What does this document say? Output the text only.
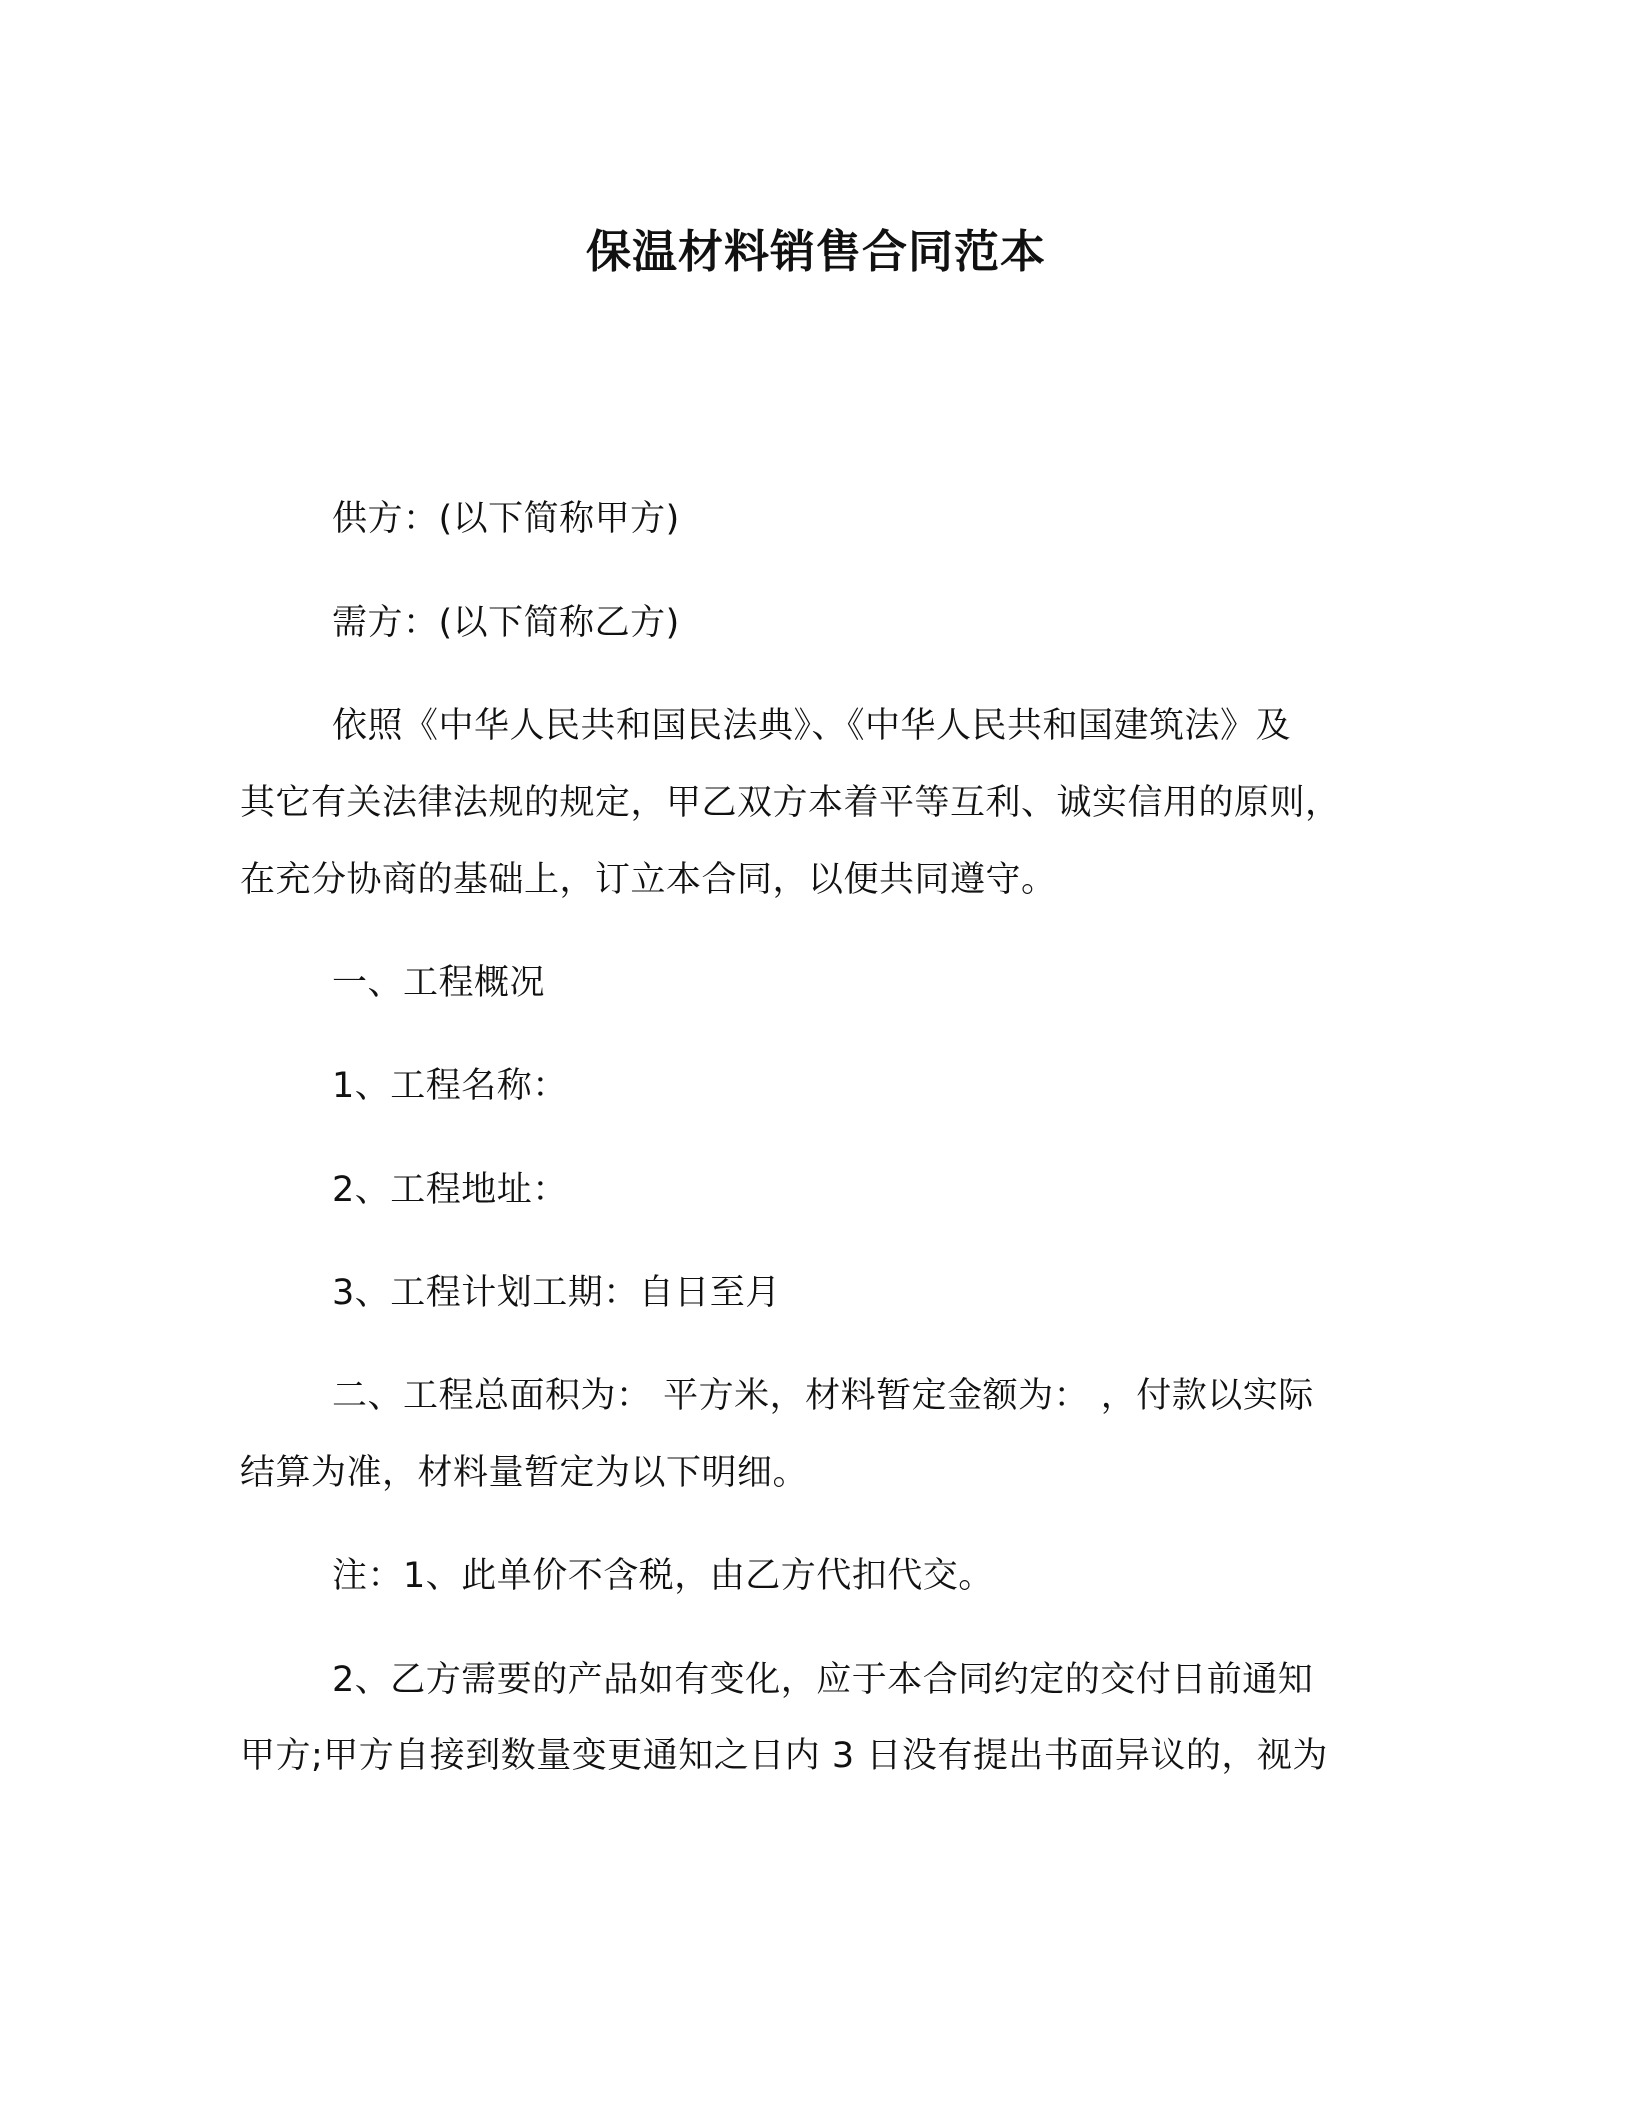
保温材料销售合同范本
供方：(以下简称甲方)
需方：(以下简称乙方)
依照《中华人民共和国民法典》、《中华人民共和国建筑法》及
其它有关法律法规的规定，甲乙双方本着平等互利、诚实信用的原则，
在充分协商的基础上，订立本合同，以便共同遵守。
一、工程概况
1、工程名称：
2、工程地址：
3、工程计划工期：自日至月
二、工程总面积为： 平方米，材料暂定金额为： ，付款以实际
结算为准，材料量暂定为以下明细。
注：1、此单价不含税，由乙方代扣代交。
2、乙方需要的产品如有变化，应于本合同约定的交付日前通知
甲方;甲方自接到数量变更通知之日内 3 日没有提出书面异议的，视为
